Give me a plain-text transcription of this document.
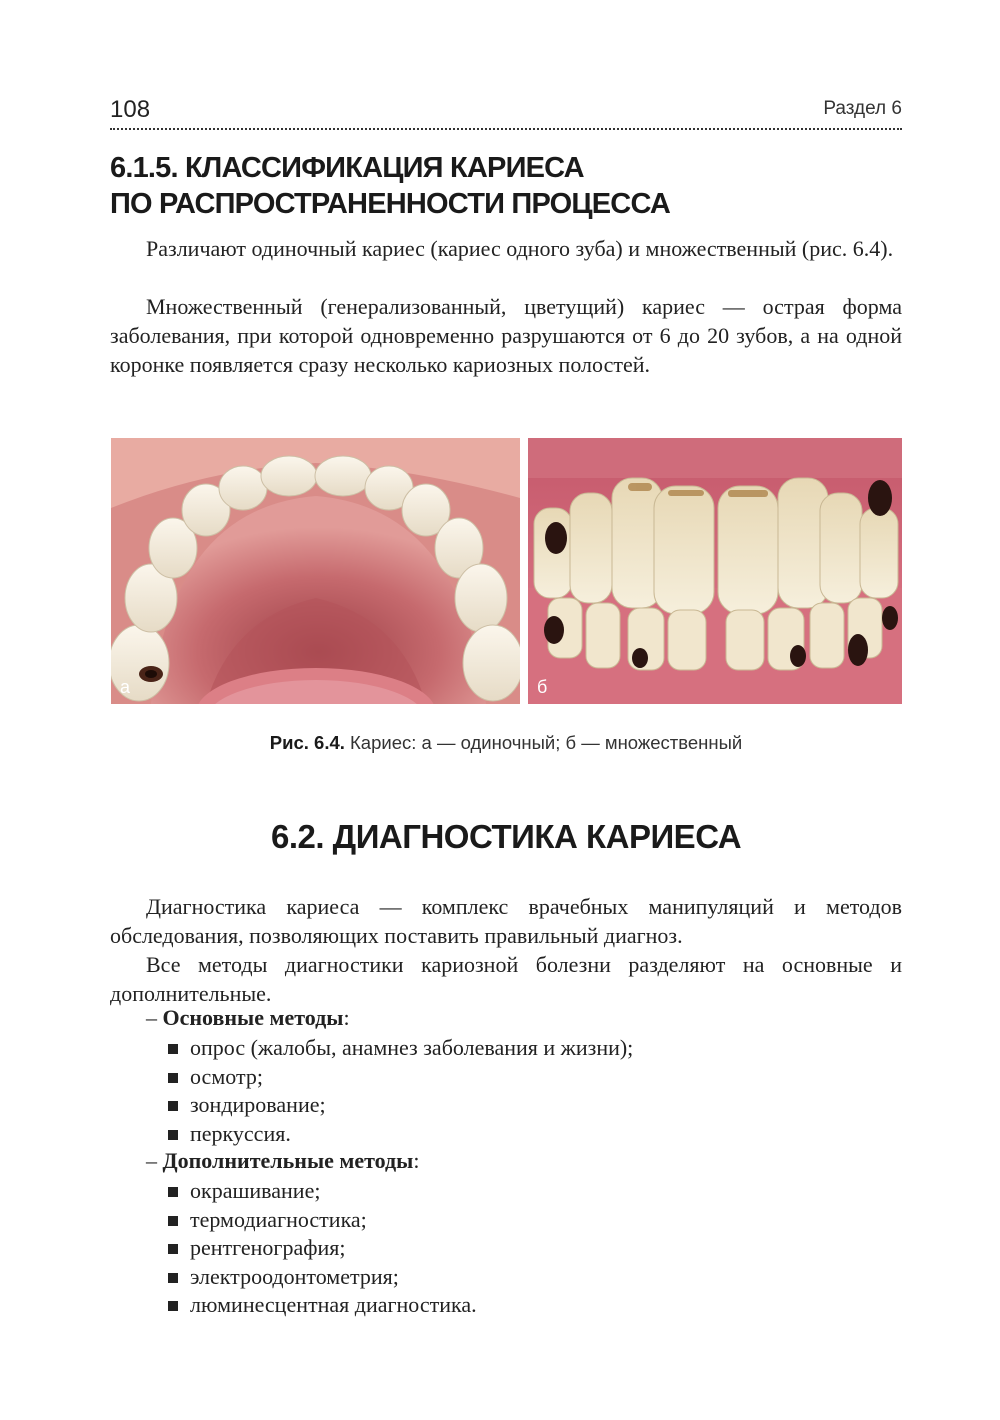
108	Раздел 6
6.1.5. КЛАССИФИКАЦИЯ КАРИЕСА
ПО РАСПРОСТРАНЕННОСТИ ПРОЦЕССА

Различают одиночный кариес (кариес одного зуба) и множественный (рис. 6.4).

Множественный (генерализованный, цветущий) кариес — острая форма заболевания, при которой одновременно разрушаются от 6 до 20 зубов, а на одной коронке появляется сразу несколько кариозных полостей.

а	б

Рис. 6.4. Кариес: а — одиночный; б — множественный

6.2. ДИАГНОСТИКА КАРИЕСА

Диагностика кариеса — комплекс врачебных манипуляций и методов обследования, позволяющих поставить правильный диагноз.

Все методы диагностики кариозной болезни разделяют на основные и дополнительные.

– Основные методы:
опрос (жалобы, анамнез заболевания и жизни);
осмотр;
зондирование;
перкуссия.
– Дополнительные методы:
окрашивание;
термодиагностика;
рентгенография;
электроодонтометрия;
люминесцентная диагностика.
